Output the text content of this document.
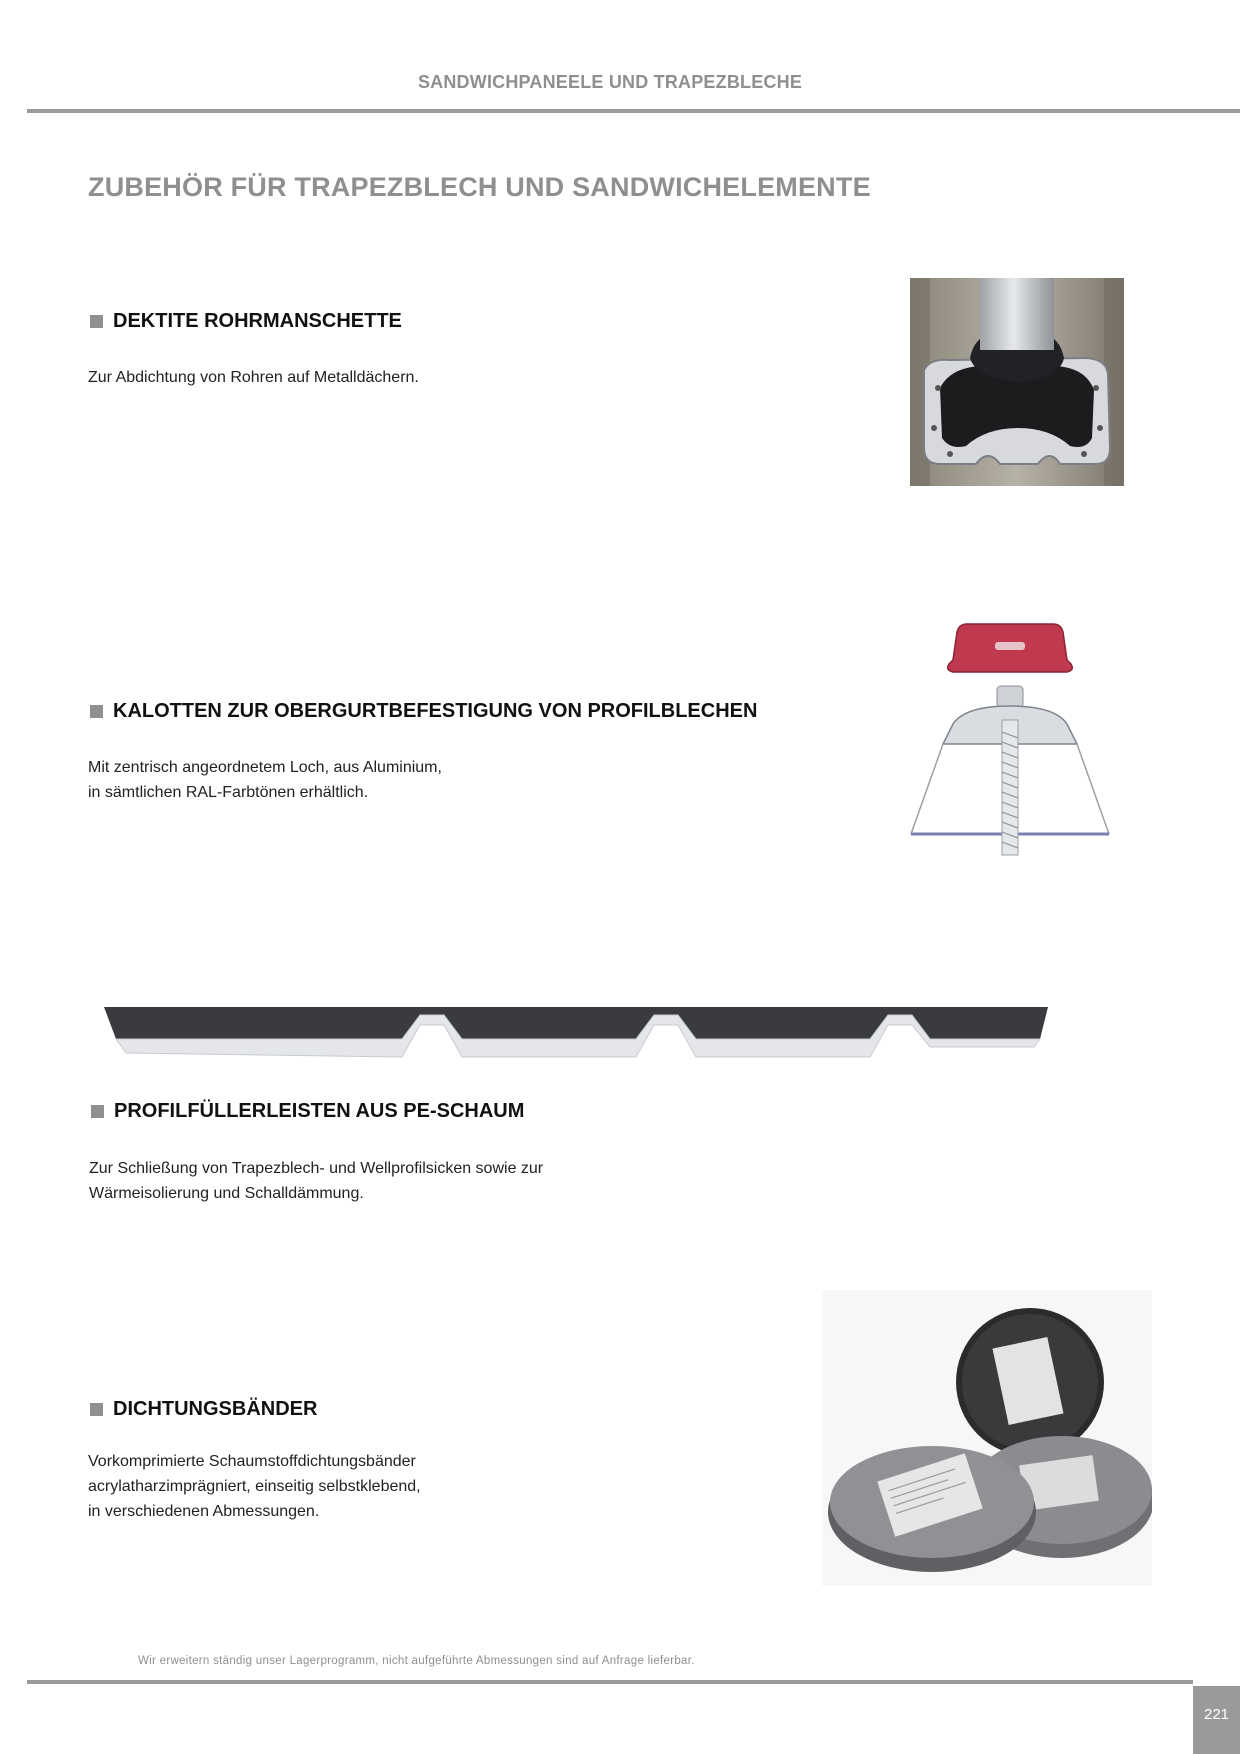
SANDWICHPANEELE UND TRAPEZBLECHE
ZUBEHÖR FÜR TRAPEZBLECH UND SANDWICHELEMENTE
DEKTITE ROHRMANSCHETTE
Zur Abdichtung von Rohren auf Metalldächern.
KALOTTEN ZUR OBERGURTBEFESTIGUNG VON PROFILBLECHEN
Mit zentrisch angeordnetem Loch, aus Aluminium,
in sämtlichen RAL-Farbtönen erhältlich.
PROFILFÜLLERLEISTEN AUS PE-SCHAUM
Zur Schließung von Trapezblech- und Wellprofilsicken sowie zur
Wärmeisolierung und Schalldämmung.
DICHTUNGSBÄNDER
Vorkomprimierte Schaumstoffdichtungsbänder
acrylatharzimprägniert, einseitig selbstklebend,
in verschiedenen Abmessungen.
Wir erweitern ständig unser Lagerprogramm, nicht aufgeführte Abmessungen sind auf Anfrage lieferbar.
221
